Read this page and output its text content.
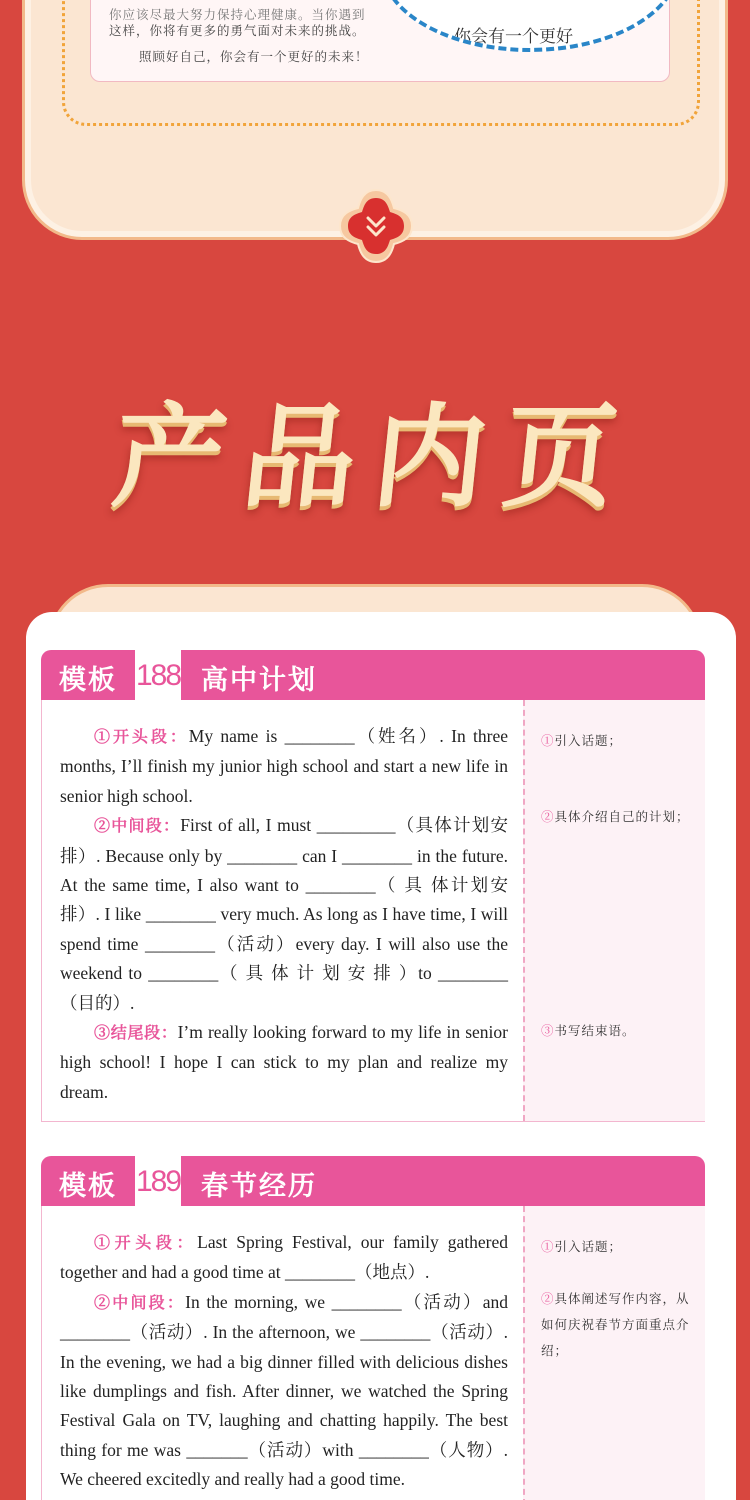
你应该尽最大努力保持心理健康。当你遇到
这样，你将有更多的勇气面对未来的挑战。
照顾好自己，你会有一个更好的未来！
你会有一个更好
产品内页
模板 188 高中计划

①开头段：My name is ________（姓名）. In three months, I’ll finish my junior high school and start a new life in senior high school.

②中间段：First of all, I must _________（具体计划安 排）. Because only by ________ can I ________ in the future. At the same time, I also want to ________（ 具 体计划安排）. I like ________ very much. As long as I have time, I will spend time ________（活动）every day. I will also use the weekend to ________（ 具 体 计 划 安 排 ）to ________（目的）.

③结尾段：I’m really looking forward to my life in senior high school! I hope I can stick to my plan and realize my dream.

①引入话题；
②具体介绍自己的计划；
③书写结束语。
模板 189 春节经历

①开头段：Last Spring Festival, our family gathered together and had a good time at ________（地点）.

②中间段：In the morning, we ________（活动）and ________（活动）. In the afternoon, we ________（活动）. In the evening, we had a big dinner filled with delicious dishes like dumplings and fish. After dinner, we watched the Spring Festival Gala on TV, laughing and chatting happily. The best thing for me was _______（活动）with ________（人物）. We cheered excitedly and really had a good time.

①引入话题；
②具体阐述写作内容，从如何庆祝春节方面重点介绍；
